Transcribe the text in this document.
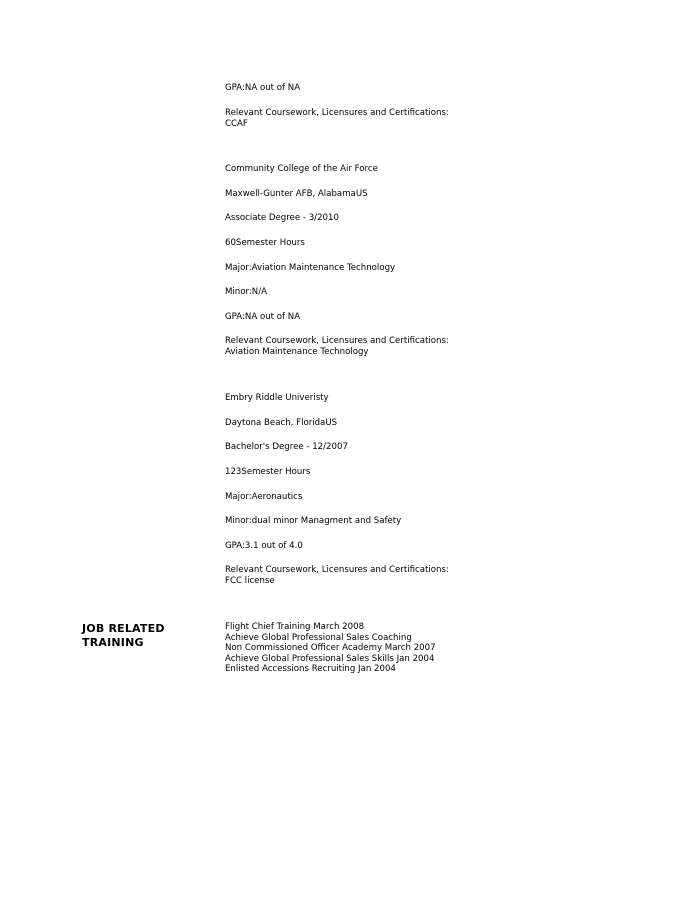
GPA:NA out of NA
Relevant Coursework, Licensures and Certifications:
CCAF
Community College of the Air Force
Maxwell-Gunter AFB, AlabamaUS
Associate Degree - 3/2010
60Semester Hours
Major:Aviation Maintenance Technology
Minor:N/A
GPA:NA out of NA
Relevant Coursework, Licensures and Certifications:
Aviation Maintenance Technology
Embry Riddle Univeristy
Daytona Beach, FloridaUS
Bachelor's Degree - 12/2007
123Semester Hours
Major:Aeronautics
Minor:dual minor Managment and Safety
GPA:3.1 out of 4.0
Relevant Coursework, Licensures and Certifications:
FCC license
JOB RELATED
TRAINING
Flight Chief Training March 2008
Achieve Global Professional Sales Coaching
Non Commissioned Officer Academy March 2007
Achieve Global Professional Sales Skills Jan 2004
Enlisted Accessions Recruiting Jan 2004
